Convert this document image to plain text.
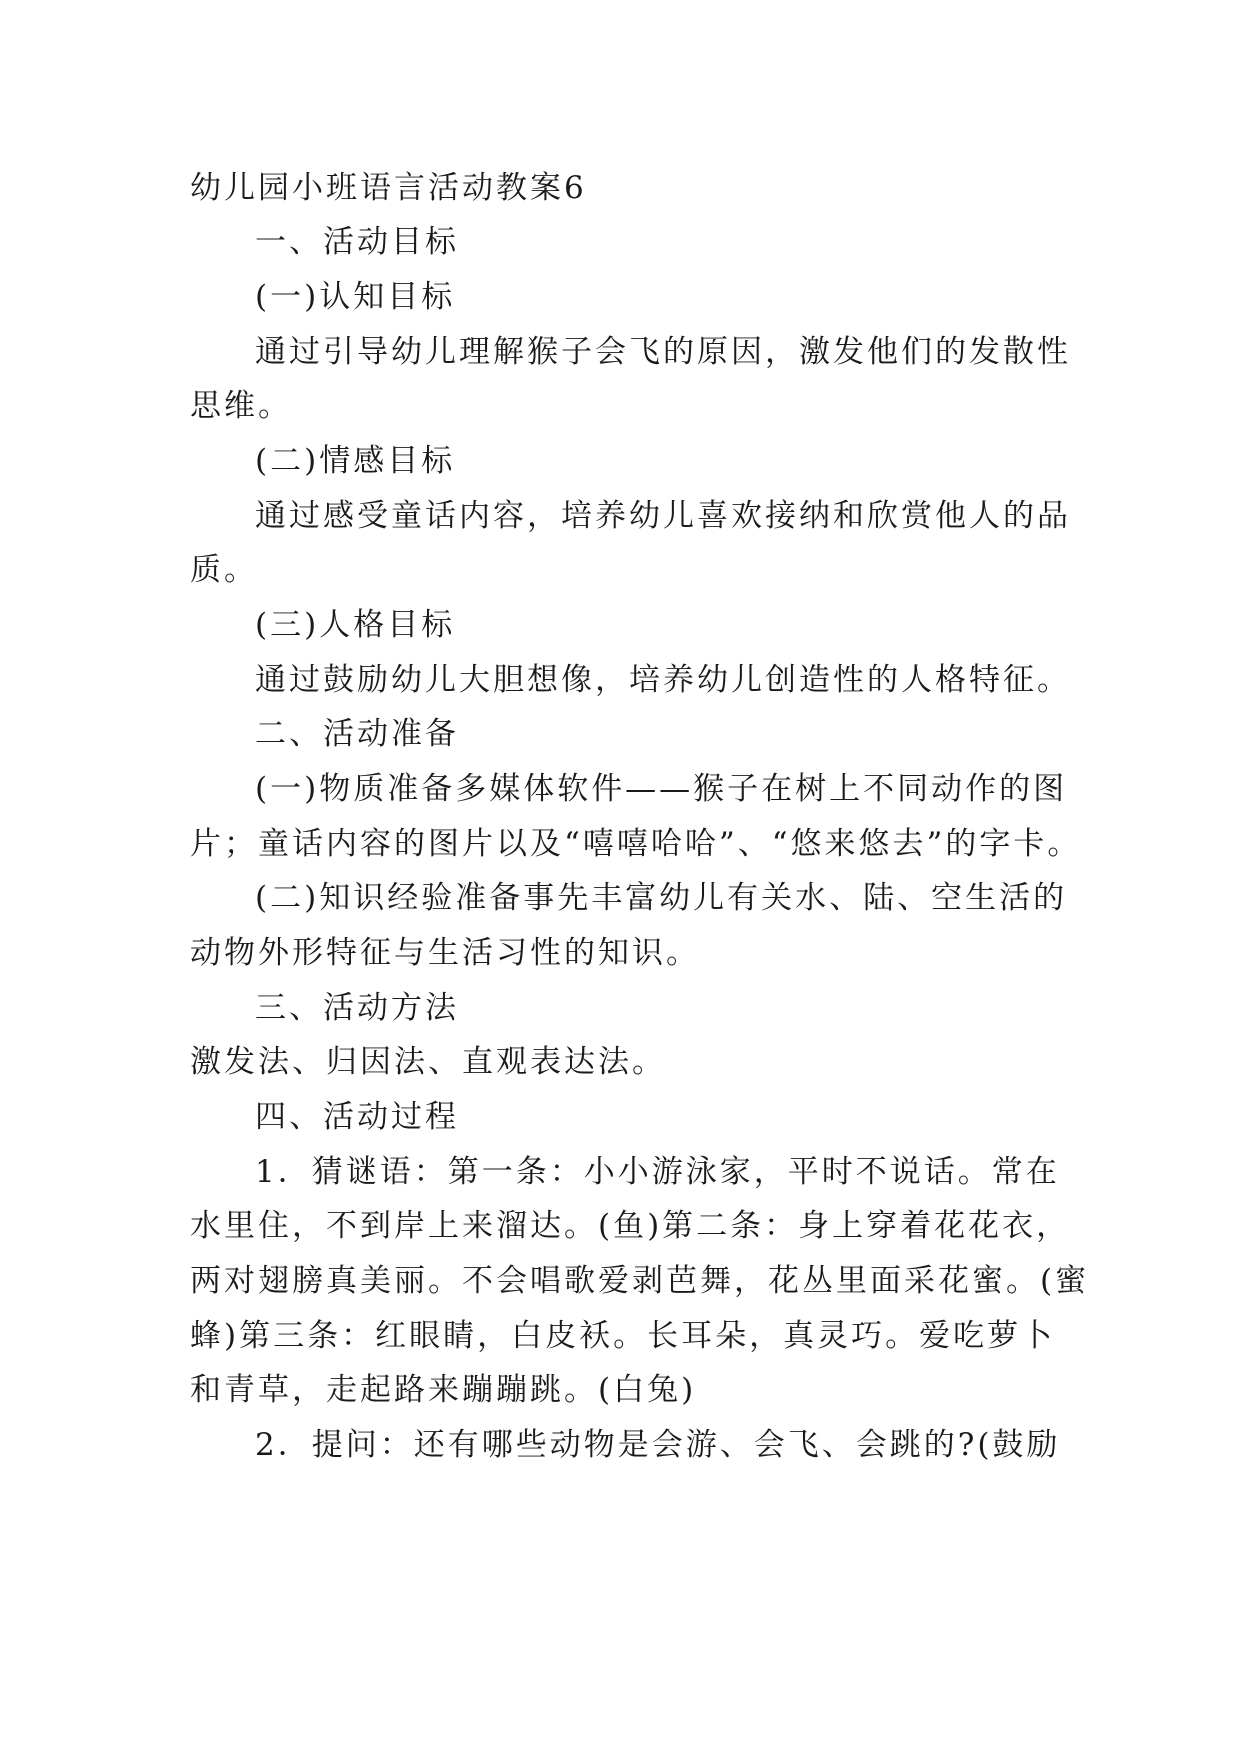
幼儿园小班语言活动教案6
一、活动目标
(一)认知目标
通过引导幼儿理解猴子会飞的原因，激发他们的发散性
思维。
(二)情感目标
通过感受童话内容，培养幼儿喜欢接纳和欣赏他人的品
质。
(三)人格目标
通过鼓励幼儿大胆想像，培养幼儿创造性的人格特征。
二、活动准备
(一)物质准备多媒体软件——猴子在树上不同动作的图
片；童话内容的图片以及“嘻嘻哈哈”、“悠来悠去”的字卡。
(二)知识经验准备事先丰富幼儿有关水、陆、空生活的
动物外形特征与生活习性的知识。
三、活动方法
激发法、归因法、直观表达法。
四、活动过程
1．猜谜语：第一条：小小游泳家，平时不说话。常在
水里住，不到岸上来溜达。(鱼)第二条：身上穿着花花衣，
两对翅膀真美丽。不会唱歌爱剥芭舞，花丛里面采花蜜。(蜜
蜂)第三条：红眼睛，白皮袄。长耳朵，真灵巧。爱吃萝卜
和青草，走起路来蹦蹦跳。(白兔)
2．提问：还有哪些动物是会游、会飞、会跳的?(鼓励
